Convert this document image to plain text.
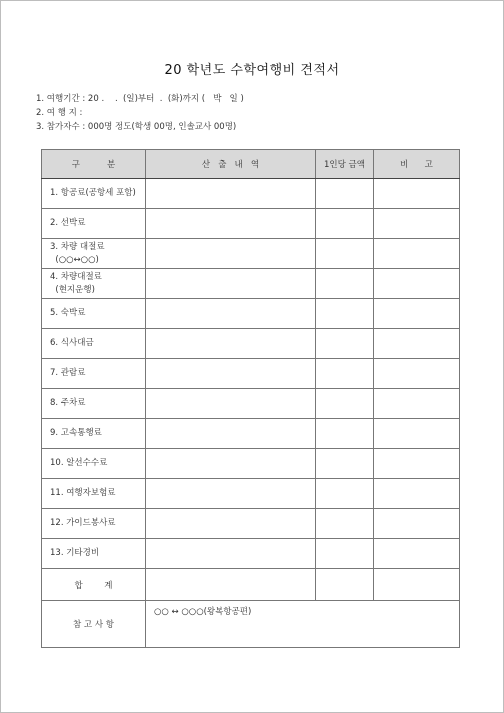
20 학년도 수학여행비 견적서
1. 여행기간 : 20 .    .  (일)부터  .  (화)까지 (   박   일 )
2. 여 행 지 :
3. 참가자수 : 000명 정도(학생 00명, 인솔교사 00명)
구          분	산   출   내   역	1인당 금액	비      고

1. 항공료(공항세 포함)			

2. 선박료			

3. 차량 대절료
(○○↔○○)			

4. 차량대절료
(현지운행)			

5. 숙박료			

6. 식사대금			

7. 관람료			

8. 주차료			

9. 고속통행료			

10. 알선수수료			

11. 여행자보험료			

12. 가이드봉사료			

13. 기타경비			

합        계			
참 고 사 항	○○ ↔ ○○○(왕복항공편)		
